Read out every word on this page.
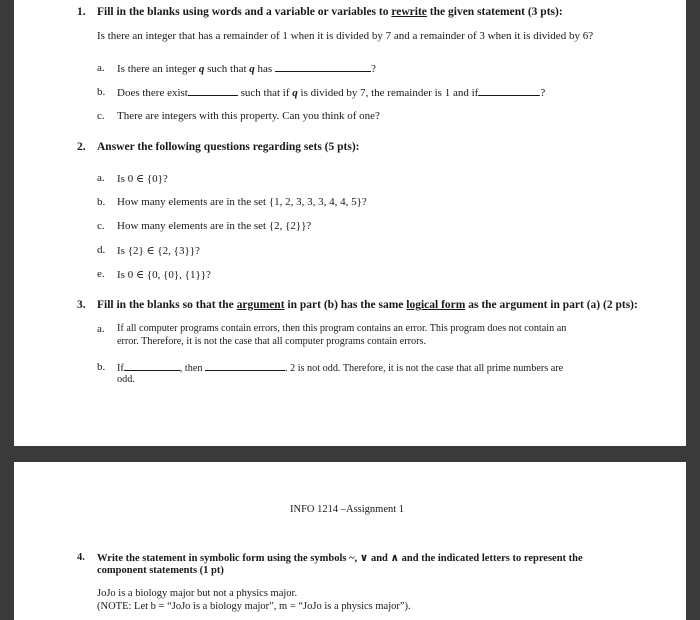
1. Fill in the blanks using words and a variable or variables to rewrite the given statement (3 pts):
Is there an integer that has a remainder of 1 when it is divided by 7 and a remainder of 3 when it is divided by 6?
a. Is there an integer q such that q has	?
b. Does there exist	such that if q is divided by 7, the remainder is 1 and if	?
c. There are integers with this property. Can you think of one?
2. Answer the following questions regarding sets (5 pts):
a. Is 0 ∈ {0}?
b. How many elements are in the set {1, 2, 3, 3, 3, 4, 4, 5}?
c. How many elements are in the set {2, {2}}?
d. Is {2} ∈ {2, {3}}?
e. Is 0 ∈ {0, {0}, {1}}?
3. Fill in the blanks so that the argument in part (b) has the same logical form as the argument in part (a) (2 pts):
a. If all computer programs contain errors, then this program contains an error. This program does not contain an
error. Therefore, it is not the case that all computer programs contain errors.
b. If	, then	. 2 is not odd. Therefore, it is not the case that all prime numbers are
odd.
INFO 1214 –Assignment 1
4. Write the statement in symbolic form using the symbols ~, ∨ and ∧ and the indicated letters to represent the
component statements (1 pt)
JoJo is a biology major but not a physics major.
(NOTE: Let b = “JoJo is a biology major”, m = “JoJo is a physics major”).
